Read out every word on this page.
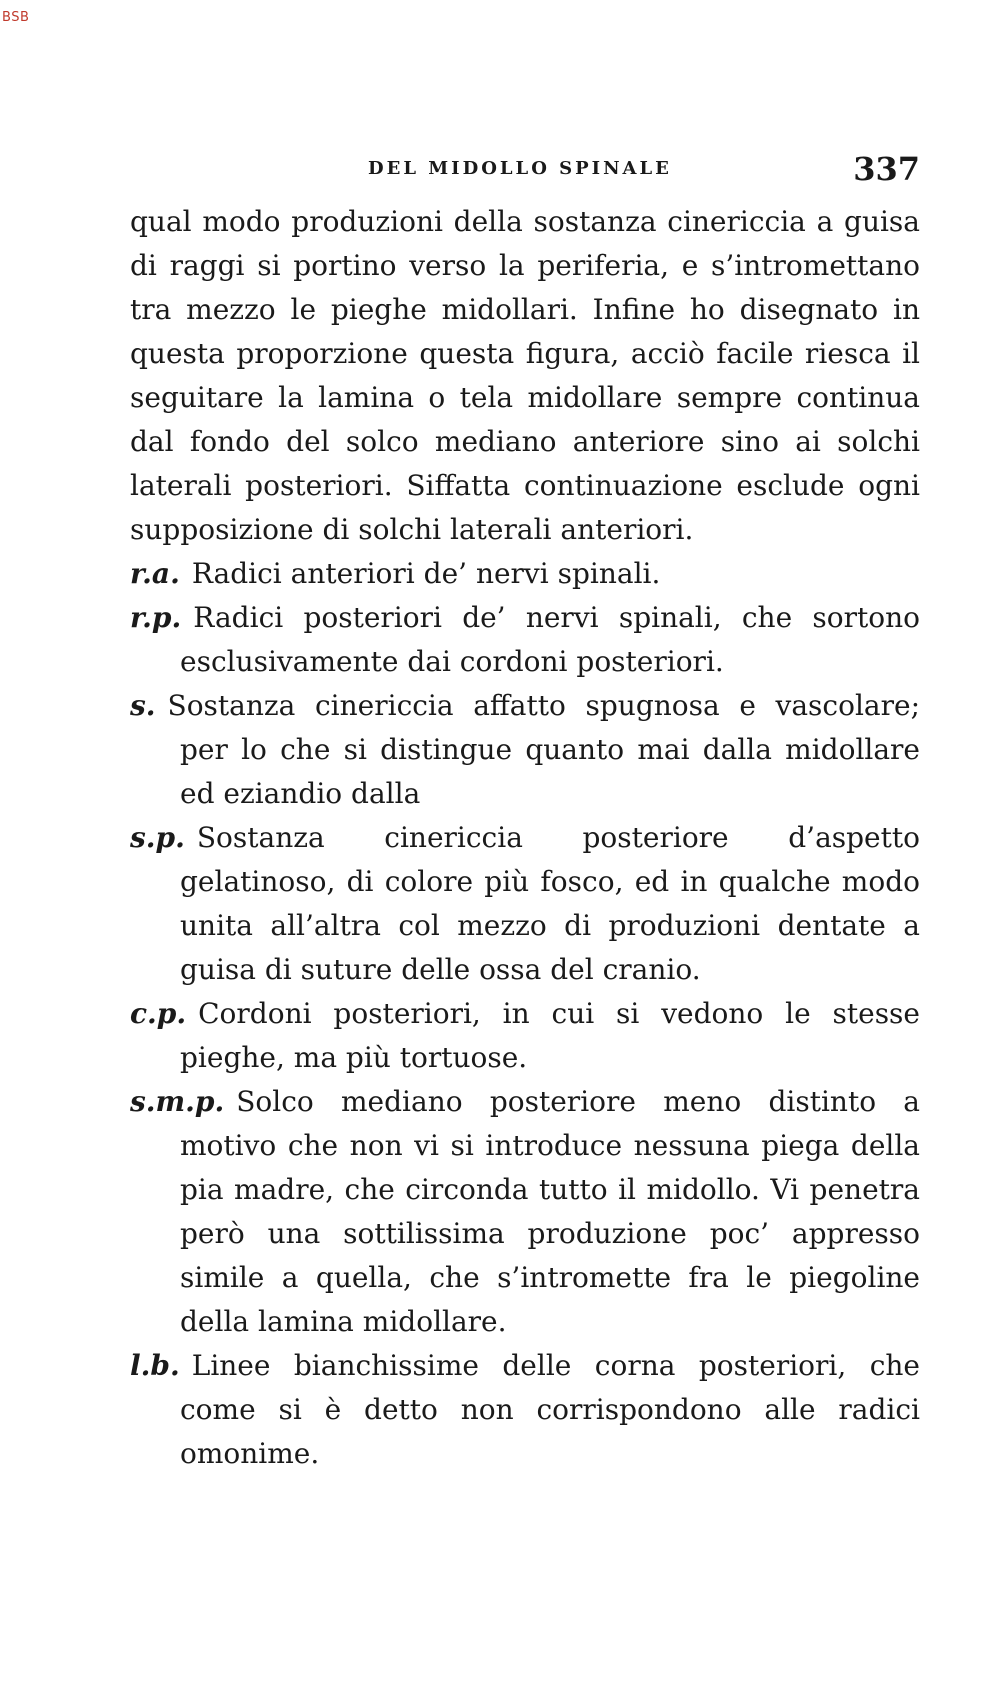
BSB
DEL MIDOLLO SPINALE	337

qual modo produzioni della sostanza cinericcia a guisa di raggi si portino verso la periferia, e s’intromettano tra mezzo le pieghe midollari. Infine ho disegnato in questa proporzione questa figura, acciò facile riesca il seguitare la lamina o tela midollare sempre continua dal fondo del solco mediano anteriore sino ai solchi laterali posteriori. Siffatta continuazione esclude ogni supposizione di solchi laterali anteriori.

r.a. Radici anteriori de’ nervi spinali.

r.p. Radici posteriori de’ nervi spinali, che sortono esclusivamente dai cordoni posteriori.

s. Sostanza cinericcia affatto spugnosa e vascolare; per lo che si distingue quanto mai dalla midollare ed eziandio dalla

s.p. Sostanza cinericcia posteriore d’aspetto gelatinoso, di colore più fosco, ed in qualche modo unita all’altra col mezzo di produzioni dentate a guisa di suture delle ossa del cranio.

c.p. Cordoni posteriori, in cui si vedono le stesse pieghe, ma più tortuose.

s.m.p. Solco mediano posteriore meno distinto a motivo che non vi si introduce nessuna piega della pia madre, che circonda tutto il midollo. Vi penetra però una sottilissima produzione poc’ appresso simile a quella, che s’intromette fra le piegoline della lamina midollare.

l.b. Linee bianchissime delle corna posteriori, che come si è detto non corrispondono alle radici omonime.
